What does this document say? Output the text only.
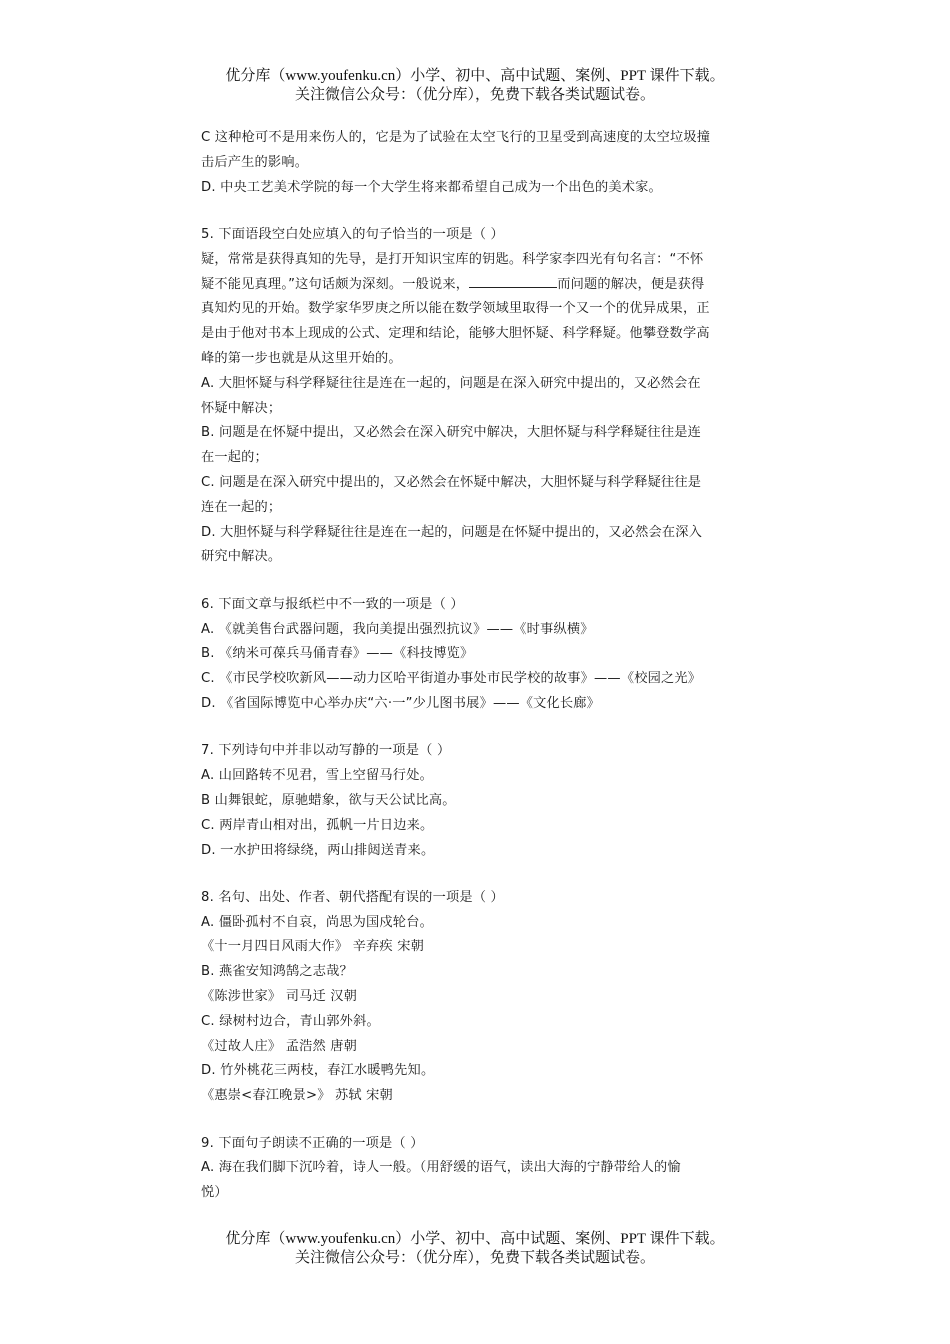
优分库（www.youfenku.cn）小学、初中、高中试题、案例、PPT 课件下载。
关注微信公众号：（优分库），免费下载各类试题试卷。
C 这种枪可不是用来伤人的，它是为了试验在太空飞行的卫星受到高速度的太空垃圾撞
击后产生的影响。
D. 中央工艺美术学院的每一个大学生将来都希望自己成为一个出色的美术家。
5. 下面语段空白处应填入的句子恰当的一项是（ ）
疑，常常是获得真知的先导，是打开知识宝库的钥匙。科学家李四光有句名言：“不怀
疑不能见真理。”这句话颇为深刻。一般说来，	而问题的解决，便是获得
真知灼见的开始。数学家华罗庚之所以能在数学领域里取得一个又一个的优异成果，正
是由于他对书本上现成的公式、定理和结论，能够大胆怀疑、科学释疑。他攀登数学高
峰的第一步也就是从这里开始的。
A. 大胆怀疑与科学释疑往往是连在一起的，问题是在深入研究中提出的，又必然会在
怀疑中解决；
B. 问题是在怀疑中提出，又必然会在深入研究中解决，大胆怀疑与科学释疑往往是连
在一起的；
C. 问题是在深入研究中提出的，又必然会在怀疑中解决，大胆怀疑与科学释疑往往是
连在一起的；
D. 大胆怀疑与科学释疑往往是连在一起的，问题是在怀疑中提出的，又必然会在深入
研究中解决。
6. 下面文章与报纸栏中不一致的一项是（ ）
A. 《就美售台武器问题，我向美提出强烈抗议》——《时事纵横》
B. 《纳米可葆兵马俑青春》——《科技博览》
C. 《市民学校吹新风——动力区哈平街道办事处市民学校的故事》——《校园之光》
D. 《省国际博览中心举办庆“六·一”少儿图书展》——《文化长廊》
7. 下列诗句中并非以动写静的一项是（ ）
A. 山回路转不见君，雪上空留马行处。
B 山舞银蛇，原驰蜡象，欲与天公试比高。
C. 两岸青山相对出，孤帆一片日边来。
D. 一水护田将绿绕，两山排闼送青来。
8. 名句、出处、作者、朝代搭配有误的一项是（ ）
A. 僵卧孤村不自哀，尚思为国戍轮台。
《十一月四日风雨大作》 辛弃疾 宋朝
B. 燕雀安知鸿鹄之志哉？
《陈涉世家》 司马迁 汉朝
C. 绿树村边合，青山郭外斜。
《过故人庄》 孟浩然 唐朝
D. 竹外桃花三两枝，春江水暖鸭先知。
《惠崇<春江晚景>》 苏轼 宋朝
9. 下面句子朗读不正确的一项是（ ）
A. 海在我们脚下沉吟着，诗人一般。（用舒缓的语气，读出大海的宁静带给人的愉
悦）
优分库（www.youfenku.cn）小学、初中、高中试题、案例、PPT 课件下载。
关注微信公众号：（优分库），免费下载各类试题试卷。
